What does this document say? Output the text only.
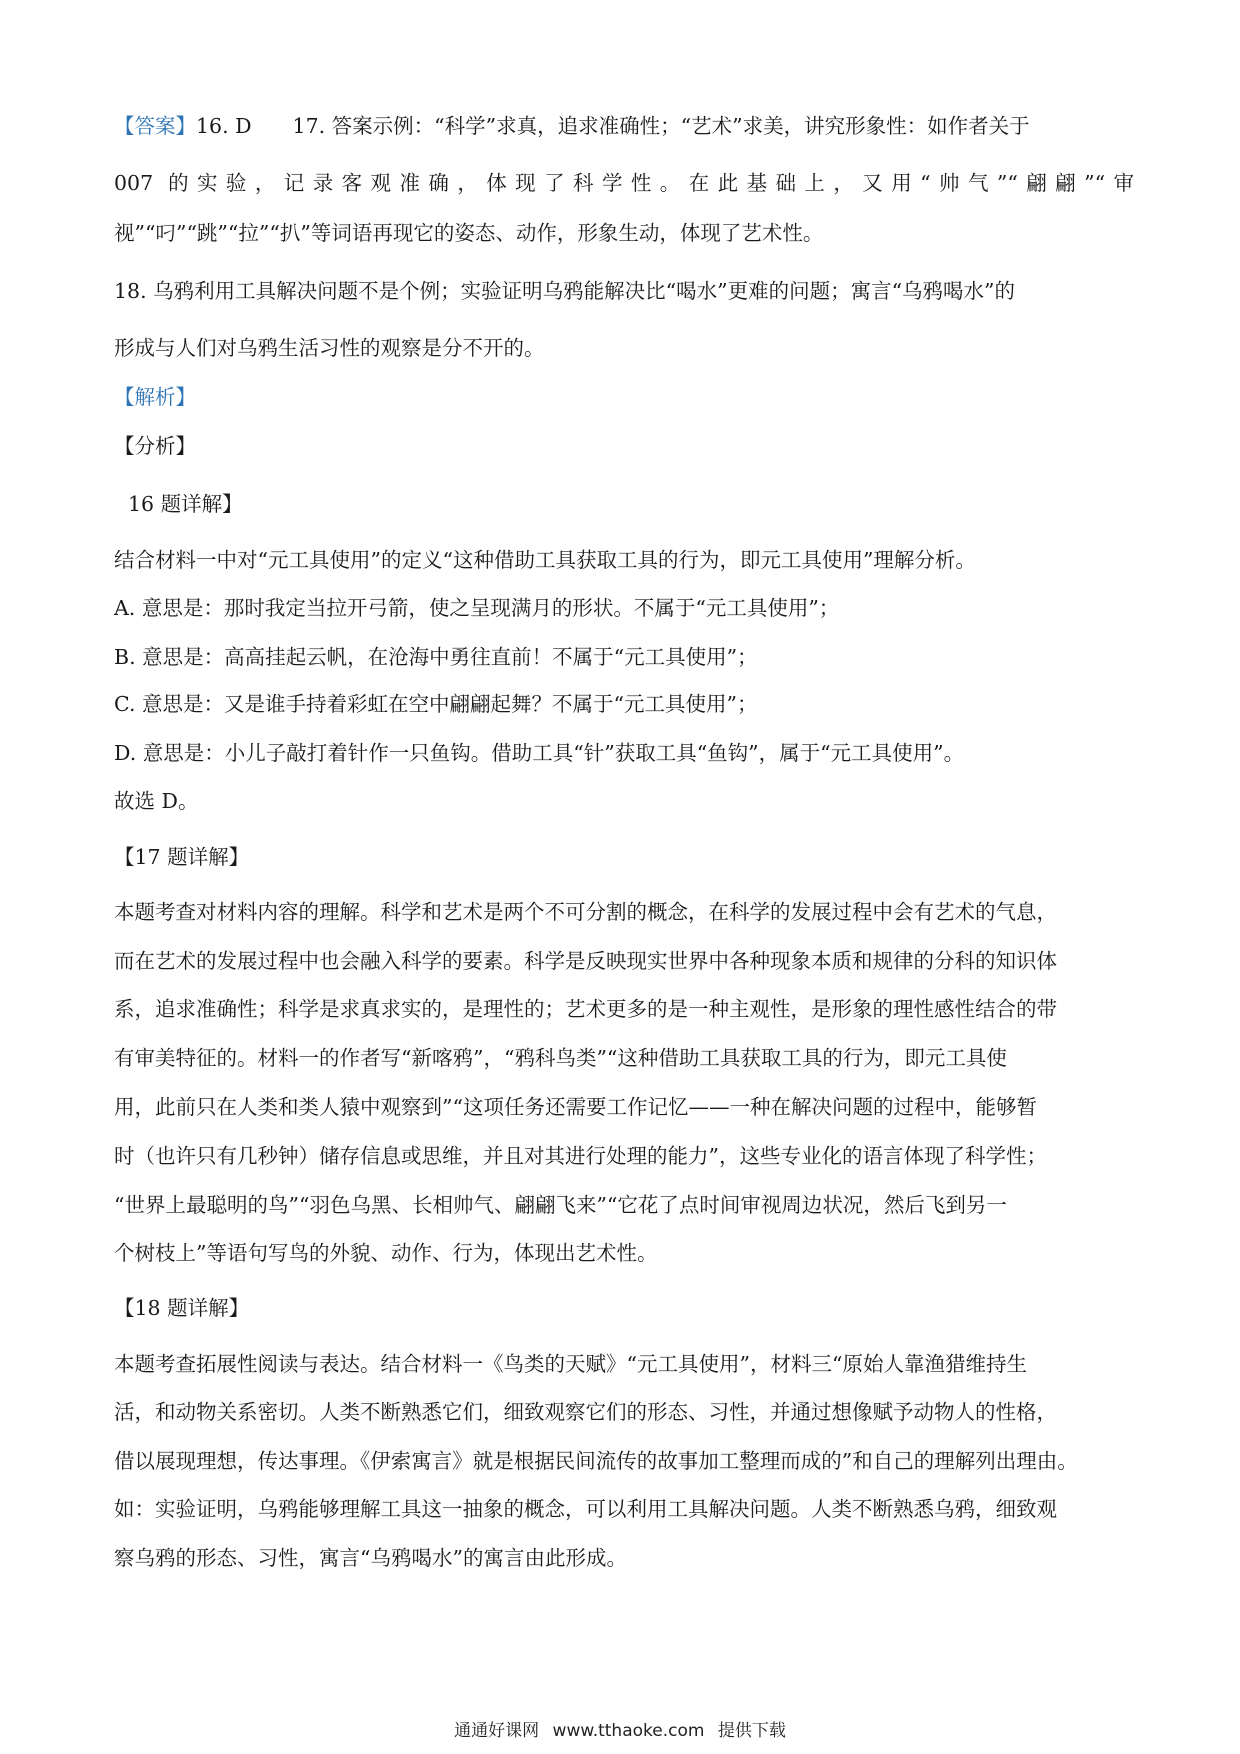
【答案】16. D　　17. 答案示例：“科学”求真，追求准确性；“艺术”求美，讲究形象性：如作者关于
007 的实验，记录客观准确，体现了科学性。在此基础上，又用“帅气”“翩翩”“审
视”“叼”“跳”“拉”“扒”等词语再现它的姿态、动作，形象生动，体现了艺术性。
18. 乌鸦利用工具解决问题不是个例；实验证明乌鸦能解决比“喝水”更难的问题；寓言“乌鸦喝水”的
形成与人们对乌鸦生活习性的观察是分不开的。
【解析】
【分析】
16 题详解】
结合材料一中对“元工具使用”的定义“这种借助工具获取工具的行为，即元工具使用”理解分析。
A. 意思是：那时我定当拉开弓箭，使之呈现满月的形状。不属于“元工具使用”；
B. 意思是：高高挂起云帆，在沧海中勇往直前！不属于“元工具使用”；
C. 意思是：又是谁手持着彩虹在空中翩翩起舞？不属于“元工具使用”；
D. 意思是：小儿子敲打着针作一只鱼钩。借助工具“针”获取工具“鱼钩”，属于“元工具使用”。
故选 D。
【17 题详解】
本题考查对材料内容的理解。科学和艺术是两个不可分割的概念，在科学的发展过程中会有艺术的气息，
而在艺术的发展过程中也会融入科学的要素。科学是反映现实世界中各种现象本质和规律的分科的知识体
系，追求准确性；科学是求真求实的，是理性的；艺术更多的是一种主观性，是形象的理性感性结合的带
有审美特征的。材料一的作者写“新喀鸦”，“鸦科鸟类”“这种借助工具获取工具的行为，即元工具使
用，此前只在人类和类人猿中观察到”“这项任务还需要工作记忆——一种在解决问题的过程中，能够暂
时（也许只有几秒钟）储存信息或思维，并且对其进行处理的能力”，这些专业化的语言体现了科学性；
“世界上最聪明的鸟”“羽色乌黑、长相帅气、翩翩飞来”“它花了点时间审视周边状况，然后飞到另一
个树枝上”等语句写鸟的外貌、动作、行为，体现出艺术性。
【18 题详解】
本题考查拓展性阅读与表达。结合材料一《鸟类的天赋》“元工具使用”，材料三“原始人靠渔猎维持生
活，和动物关系密切。人类不断熟悉它们，细致观察它们的形态、习性，并通过想像赋予动物人的性格，
借以展现理想，传达事理。《伊索寓言》就是根据民间流传的故事加工整理而成的”和自己的理解列出理由。
如：实验证明，乌鸦能够理解工具这一抽象的概念，可以利用工具解决问题。人类不断熟悉乌鸦，细致观
察乌鸦的形态、习性，寓言“乌鸦喝水”的寓言由此形成。
通通好课网 www.tthaoke.com 提供下载
